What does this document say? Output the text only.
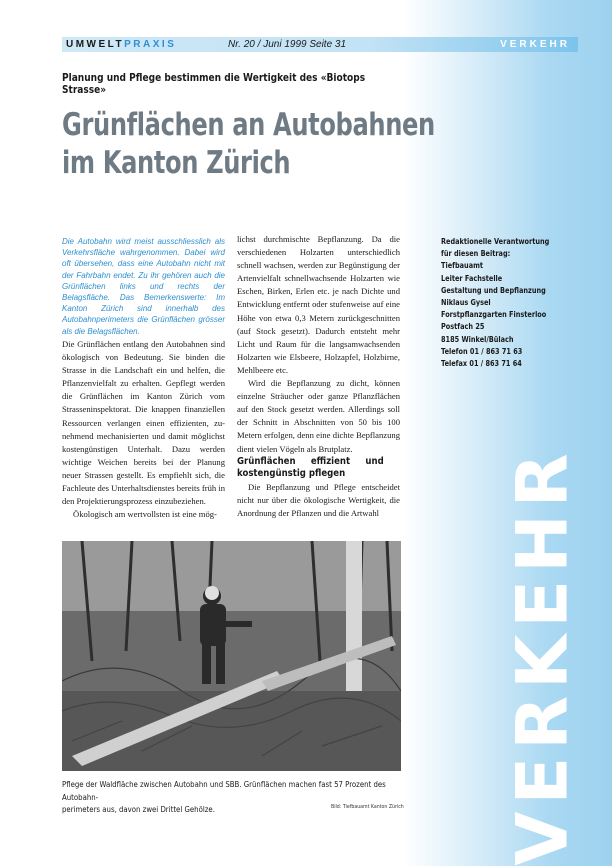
UMWELTPRAXIS	Nr. 20 / Juni 1999 Seite 31	VERKEHR
Planung und Pflege bestimmen die Wertigkeit des «Biotops Strasse»
Grünflächen an Autobahnen
im Kanton Zürich
Die Autobahn wird meist ausschliesslich als Verkehrsfläche wahrgenommen. Dabei wird oft übersehen, dass eine Autobahn nicht mit der Fahrbahn endet. Zu ihr gehören auch die Grünflächen links und rechts der Belagsfläche. Das Bemerkenswerte: Im Kanton Zürich sind innerhalb des Autobahnperimeters die Grünflächen grösser als die Belagsflächen.

Die Grünflächen entlang den Autobahnen sind ökologisch von Bedeutung. Sie binden die Strasse in die Landschaft ein und helfen, die Pflanzenvielfalt zu erhalten. Gepflegt werden die Grünflächen im Kanton Zürich vom Strasseninspektorat. Die knappen finanziellen Ressourcen verlangen einen effizienten, zu-nehmend mechanisierten und damit möglichst kostengünstigen Unterhalt. Dazu werden wichtige Weichen bereits bei der Planung neuer Strassen gestellt. Es empfiehlt sich, die Fachleute des Unterhaltsdienstes bereits früh in den Projektierungsprozess einzubeziehen.

Ökologisch am wertvollsten ist eine mög-

lichst durchmischte Bepflanzung. Da die verschiedenen Holzarten unterschiedlich schnell wachsen, werden zur Begünstigung der Artenvielfalt schnellwachsende Holzarten wie Eschen, Birken, Erlen etc. je nach Dichte und Entwicklung entfernt oder stufenweise auf eine Höhe von etwa 0,3 Metern zurückgeschnitten (auf Stock gesetzt). Dadurch entsteht mehr Licht und Raum für die langsamwachsenden Holzarten wie Elsbeere, Holzapfel, Holzbirne, Mehlbeere etc.

Wird die Bepflanzung zu dicht, können einzelne Sträucher oder ganze Pflanzflächen auf den Stock gesetzt werden. Allerdings soll der Schnitt in Abschnitten von 50 bis 100 Metern erfolgen, denn eine dichte Bepflanzung dient vielen Vögeln als Brutplatz.

Grünflächen effizient und kostengünstig pflegen

Die Bepflanzung und Pflege entscheidet nicht nur über die ökologische Wertigkeit, die Anordnung der Pflanzen und die Artwahl

Redaktionelle Verantwortung
für diesen Beitrag:
Tiefbauamt
Leiter Fachstelle
Gestaltung und Bepflanzung
Niklaus Gysel
Forstpflanzgarten Finsterloo
Postfach 25
8185 Winkel/Bülach
Telefon 01 / 863 71 63
Telefax 01 / 863 71 64
Pflege der Waldfläche zwischen Autobahn und SBB. Grünflächen machen fast 57 Prozent des Autobahn-
perimeters aus, davon zwei Drittel Gehölze.	Bild: Tiefbauamt Kanton Zürich VERKEHR
